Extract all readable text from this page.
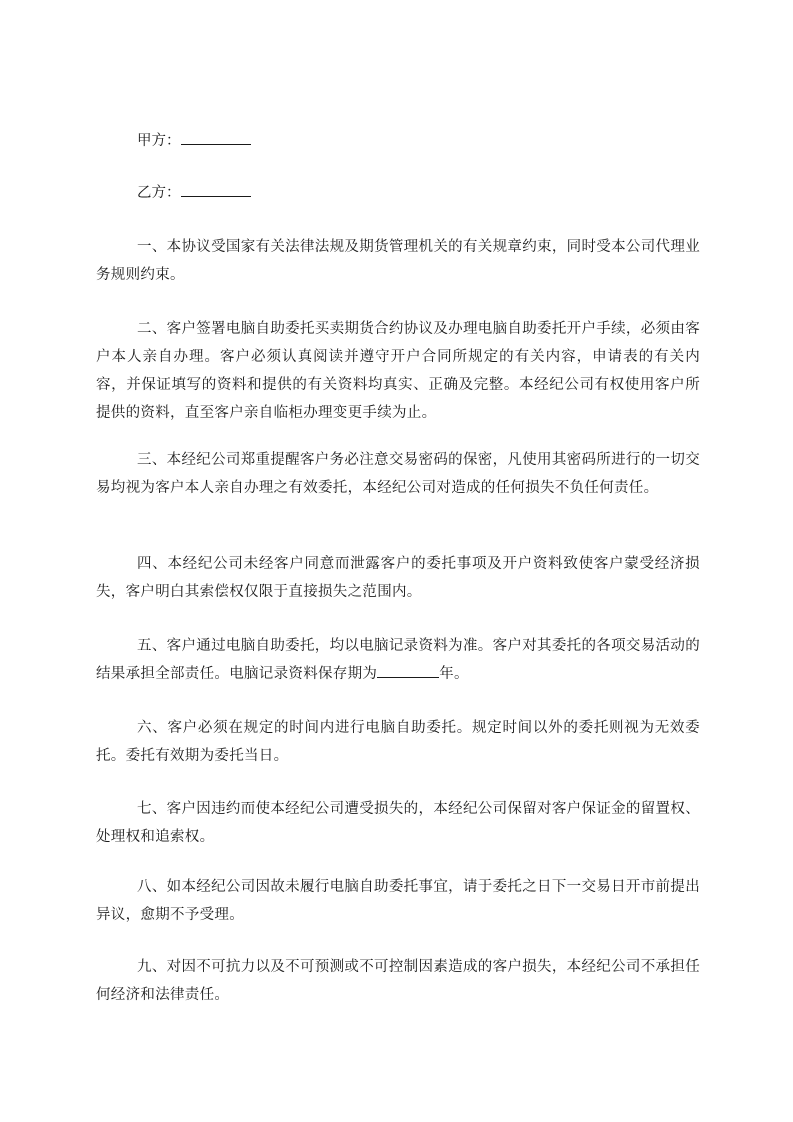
甲方：
乙方：

一、本协议受国家有关法律法规及期货管理机关的有关规章约束，同时受本公司代理业务规则约束。

二、客户签署电脑自助委托买卖期货合约协议及办理电脑自助委托开户手续，必须由客户本人亲自办理。客户必须认真阅读并遵守开户合同所规定的有关内容，申请表的有关内容，并保证填写的资料和提供的有关资料均真实、正确及完整。本经纪公司有权使用客户所提供的资料，直至客户亲自临柜办理变更手续为止。

三、本经纪公司郑重提醒客户务必注意交易密码的保密，凡使用其密码所进行的一切交易均视为客户本人亲自办理之有效委托，本经纪公司对造成的任何损失不负任何责任。

四、本经纪公司未经客户同意而泄露客户的委托事项及开户资料致使客户蒙受经济损失，客户明白其索偿权仅限于直接损失之范围内。

五、客户通过电脑自助委托，均以电脑记录资料为准。客户对其委托的各项交易活动的结果承担全部责任。电脑记录资料保存期为	年。

六、客户必须在规定的时间内进行电脑自助委托。规定时间以外的委托则视为无效委托。委托有效期为委托当日。

七、客户因违约而使本经纪公司遭受损失的，本经纪公司保留对客户保证金的留置权、处理权和追索权。

八、如本经纪公司因故未履行电脑自助委托事宜，请于委托之日下一交易日开市前提出异议，愈期不予受理。

九、对因不可抗力以及不可预测或不可控制因素造成的客户损失，本经纪公司不承担任何经济和法律责任。
